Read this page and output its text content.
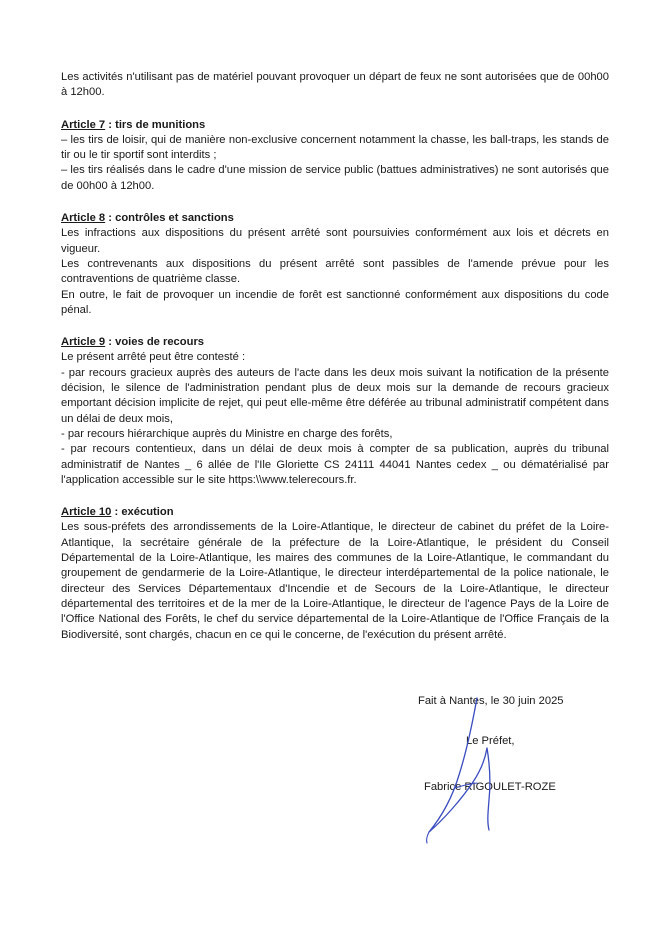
Les activités n'utilisant pas de matériel pouvant provoquer un départ de feux ne sont autorisées que de 00h00 à 12h00.

Article 7 : tirs de munitions

– les tirs de loisir, qui de manière non-exclusive concernent notamment la chasse, les ball-traps, les stands de tir ou le tir sportif sont interdits ;

– les tirs réalisés dans le cadre d'une mission de service public (battues administratives) ne sont autorisés que de 00h00 à 12h00.

Article 8 : contrôles et sanctions

Les infractions aux dispositions du présent arrêté sont poursuivies conformément aux lois et décrets en vigueur.

Les contrevenants aux dispositions du présent arrêté sont passibles de l'amende prévue pour les contraventions de quatrième classe.

En outre, le fait de provoquer un incendie de forêt est sanctionné conformément aux dispositions du code pénal.

Article 9 : voies de recours

Le présent arrêté peut être contesté :

- par recours gracieux auprès des auteurs de l'acte dans les deux mois suivant la notification de la présente décision, le silence de l'administration pendant plus de deux mois sur la demande de recours gracieux emportant décision implicite de rejet, qui peut elle-même être déférée au tribunal administratif compétent dans un délai de deux mois,

- par recours hiérarchique auprès du Ministre en charge des forêts,

- par recours contentieux, dans un délai de deux mois à compter de sa publication, auprès du tribunal administratif de Nantes _ 6 allée de l'Ile Gloriette CS 24111 44041 Nantes cedex _ ou dématérialisé par l'application accessible sur le site https:\\www.telerecours.fr.

Article 10 : exécution

Les sous-préfets des arrondissements de la Loire-Atlantique, le directeur de cabinet du préfet de la Loire-Atlantique, la secrétaire générale de la préfecture de la Loire-Atlantique, le président du Conseil Départemental de la Loire-Atlantique, les maires des communes de la Loire-Atlantique, le commandant du groupement de gendarmerie de la Loire-Atlantique, le directeur interdépartemental de la police nationale, le directeur des Services Départementaux d'Incendie et de Secours de la Loire-Atlantique, le directeur départemental des territoires et de la mer de la Loire-Atlantique, le directeur de l'agence Pays de la Loire de l'Office National des Forêts, le chef du service départemental de la Loire-Atlantique de l'Office Français de la Biodiversité, sont chargés, chacun en ce qui le concerne, de l'exécution du présent arrêté.

Fait à Nantes, le 30 juin 2025
Le Préfet,
Fabrice RIGOULET-ROZE
